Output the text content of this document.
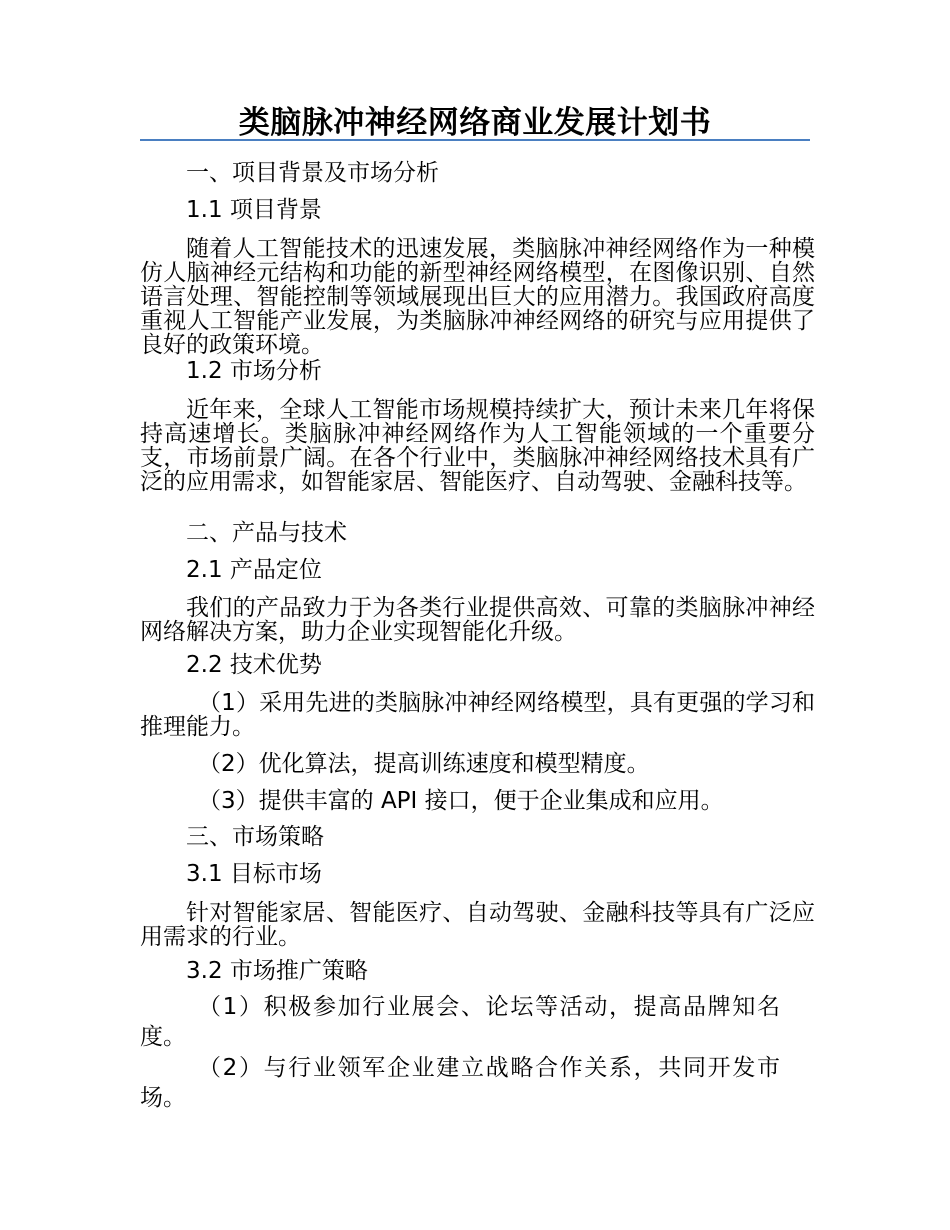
类脑脉冲神经网络商业发展计划书
一、项目背景及市场分析
1.1 项目背景
随着人工智能技术的迅速发展，类脑脉冲神经网络作为一种模仿人脑神经元结构和功能的新型神经网络模型，在图像识别、自然语言处理、智能控制等领域展现出巨大的应用潜力。我国政府高度重视人工智能产业发展，为类脑脉冲神经网络的研究与应用提供了良好的政策环境。
1.2 市场分析
近年来，全球人工智能市场规模持续扩大，预计未来几年将保持高速增长。类脑脉冲神经网络作为人工智能领域的一个重要分支，市场前景广阔。在各个行业中，类脑脉冲神经网络技术具有广泛的应用需求，如智能家居、智能医疗、自动驾驶、金融科技等。
二、产品与技术
2.1 产品定位
我们的产品致力于为各类行业提供高效、可靠的类脑脉冲神经网络解决方案，助力企业实现智能化升级。
2.2 技术优势
（1）采用先进的类脑脉冲神经网络模型，具有更强的学习和推理能力。
（2）优化算法，提高训练速度和模型精度。
（3）提供丰富的 API 接口，便于企业集成和应用。
三、市场策略
3.1 目标市场
针对智能家居、智能医疗、自动驾驶、金融科技等具有广泛应用需求的行业。
3.2 市场推广策略
（1）积极参加行业展会、论坛等活动，提高品牌知名度。
（2）与行业领军企业建立战略合作关系，共同开发市场。
